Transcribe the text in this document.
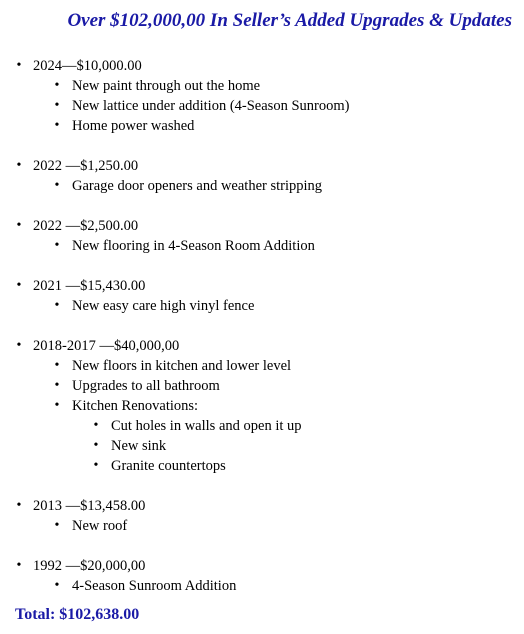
Over $102,000,00 In Seller’s Added Upgrades & Updates
• 2024—$10,000.00
• New paint through out the home
• New lattice under addition (4-Season Sunroom)
• Home power washed
• 2022 —$1,250.00
• Garage door openers and weather stripping
• 2022 —$2,500.00
• New flooring in 4-Season Room Addition
• 2021 —$15,430.00
• New easy care high vinyl fence
• 2018-2017 —$40,000,00
• New floors in kitchen and lower level
• Upgrades to all bathroom
• Kitchen Renovations:
• Cut holes in walls and open it up
• New sink
• Granite countertops
• 2013 —$13,458.00
• New roof
• 1992 —$20,000,00
• 4-Season Sunroom Addition
Total: $102,638.00
